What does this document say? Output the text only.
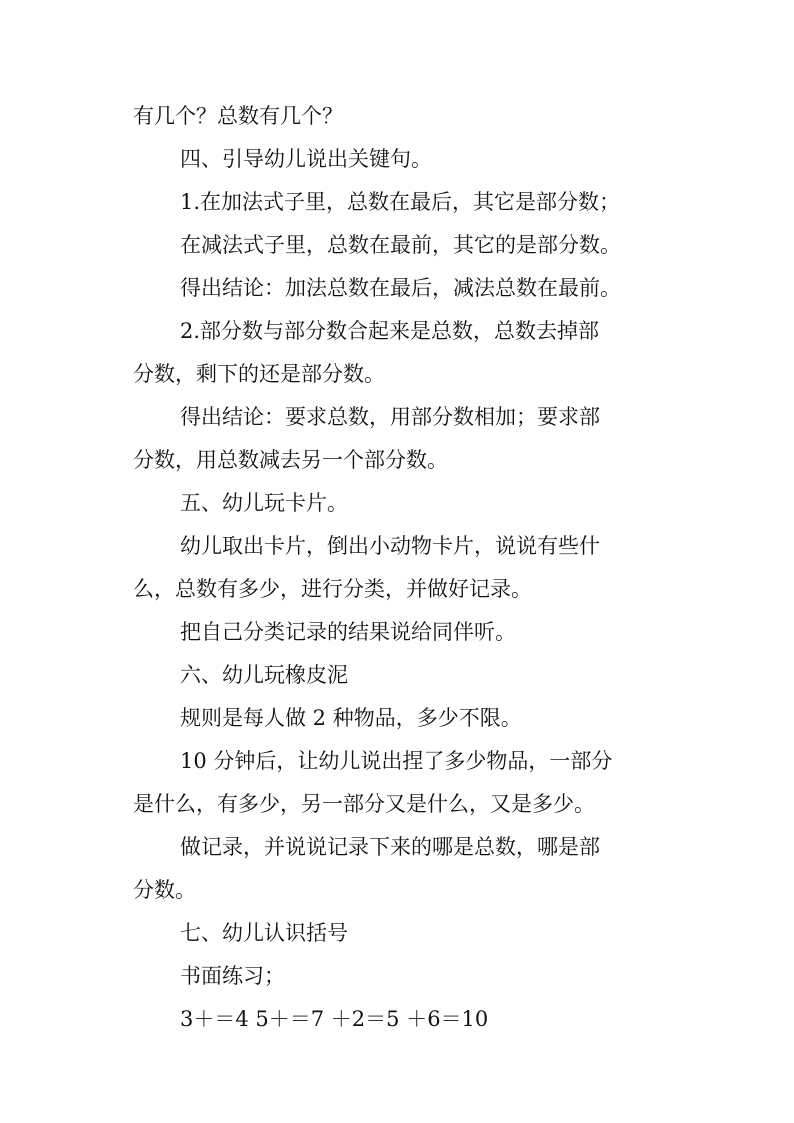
有几个？总数有几个？
四、引导幼儿说出关键句。
1.在加法式子里，总数在最后，其它是部分数；
在减法式子里，总数在最前，其它的是部分数。
得出结论：加法总数在最后，减法总数在最前。
2.部分数与部分数合起来是总数，总数去掉部
分数，剩下的还是部分数。
得出结论：要求总数，用部分数相加；要求部
分数，用总数减去另一个部分数。
五、幼儿玩卡片。
幼儿取出卡片，倒出小动物卡片，说说有些什
么，总数有多少，进行分类，并做好记录。
把自己分类记录的结果说给同伴听。
六、幼儿玩橡皮泥
规则是每人做 2 种物品，多少不限。
10 分钟后，让幼儿说出捏了多少物品，一部分
是什么，有多少，另一部分又是什么，又是多少。
做记录，并说说记录下来的哪是总数，哪是部
分数。
七、幼儿认识括号
书面练习；
3＋＝4 5＋＝7 ＋2＝5 ＋6＝10
